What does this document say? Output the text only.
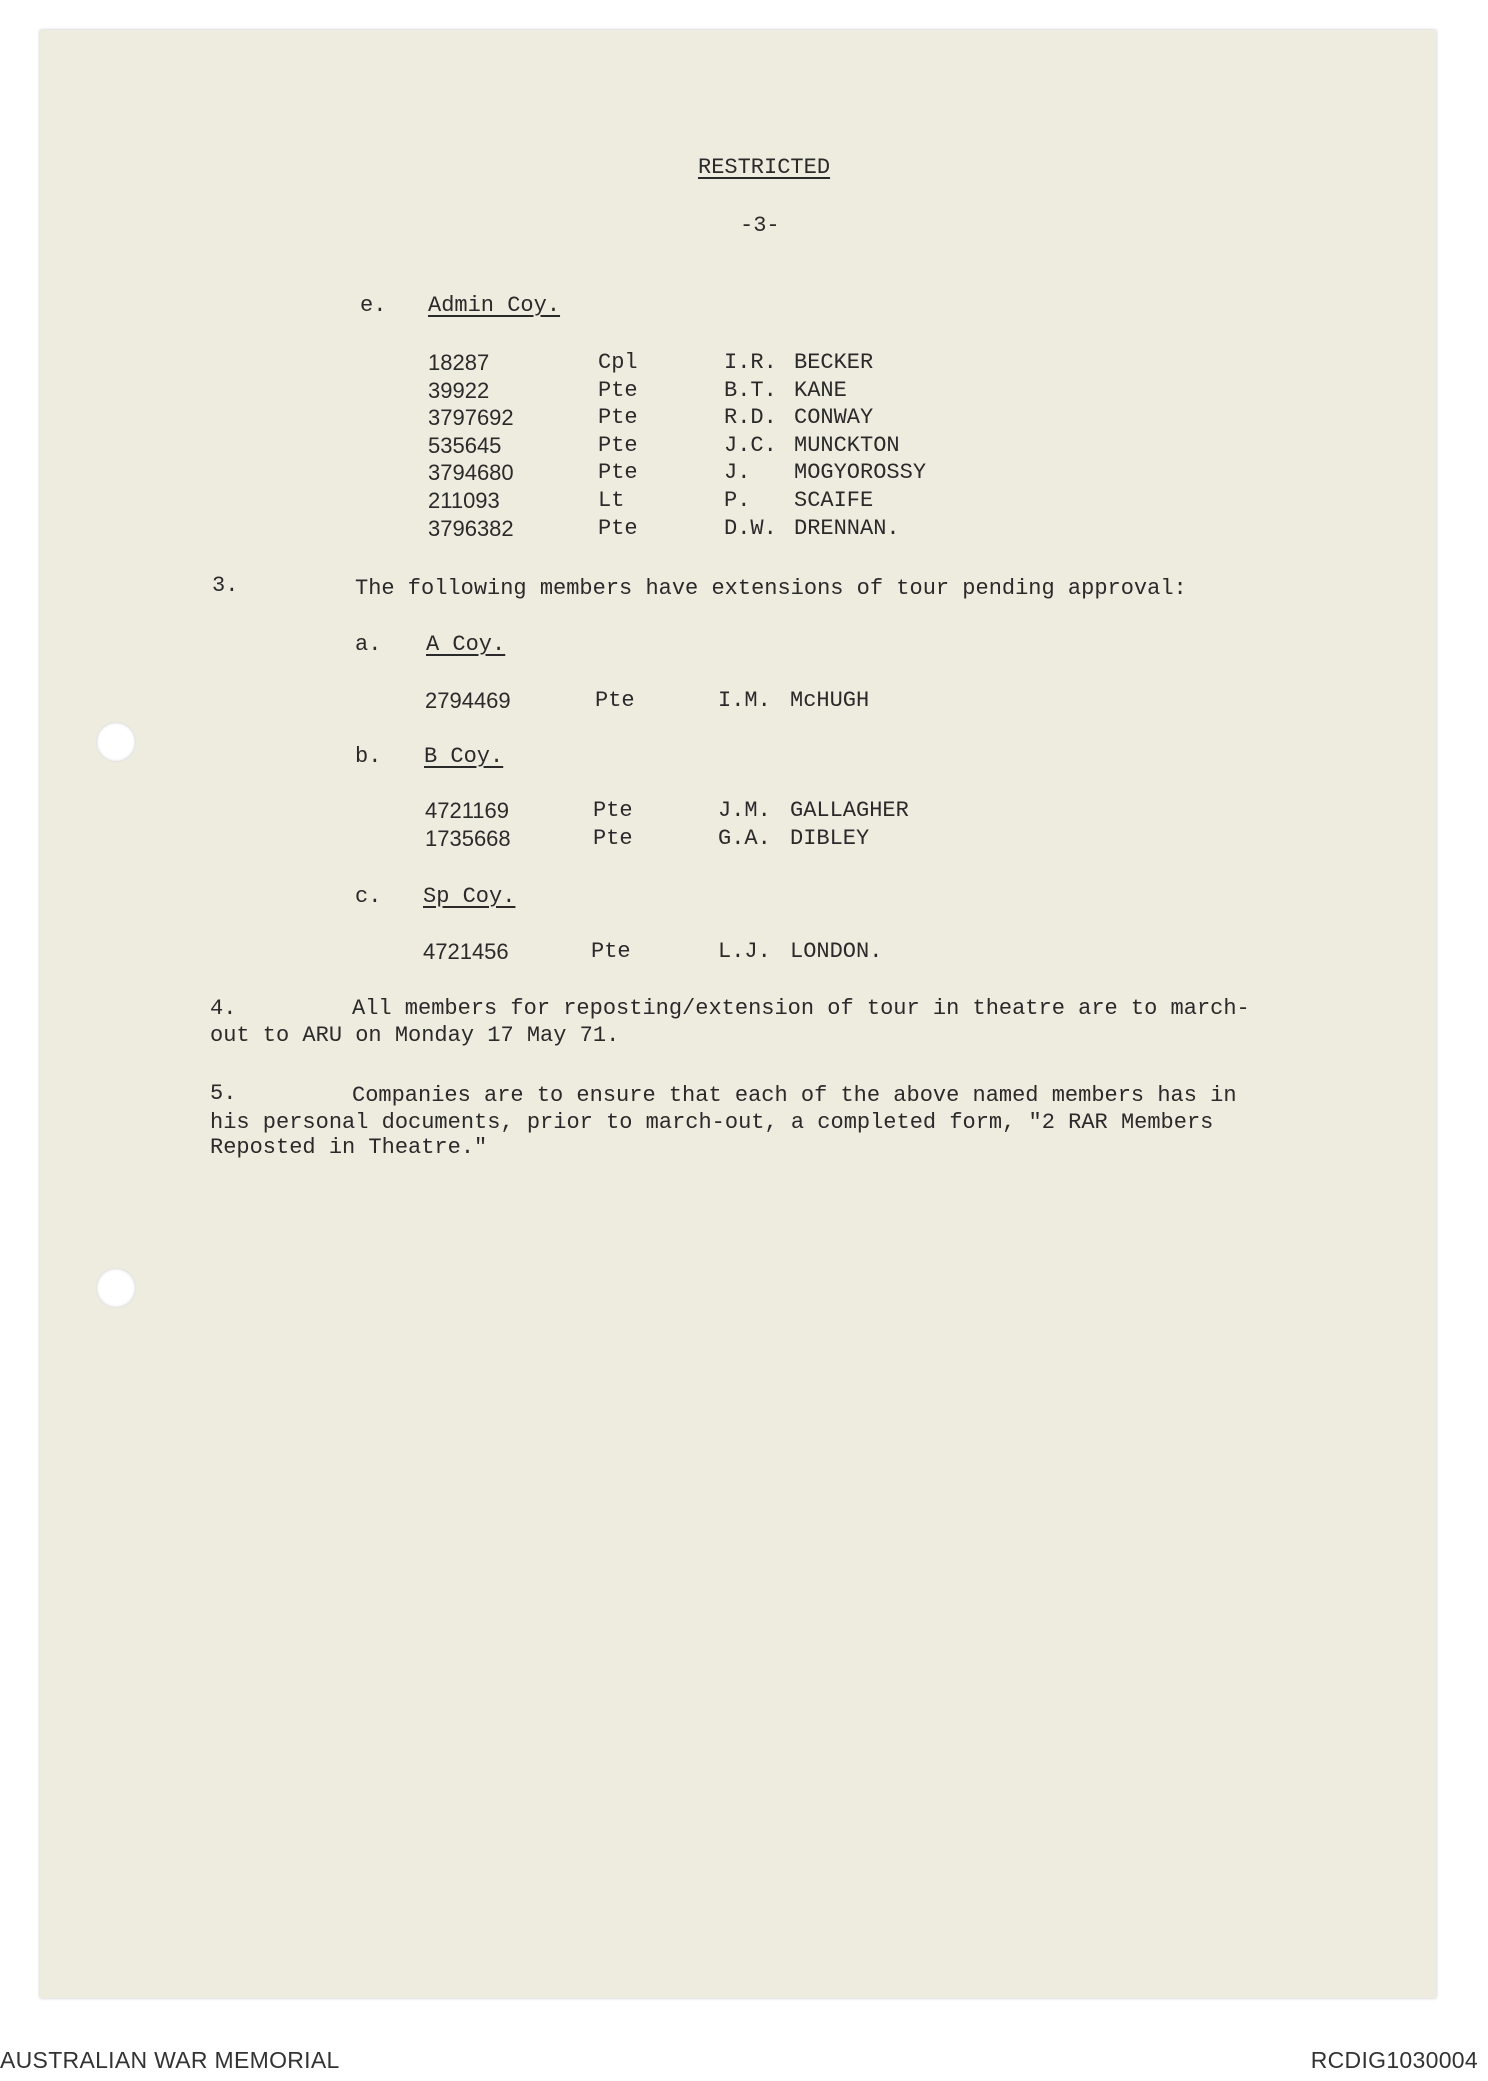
RESTRICTED
-3-
e. Admin Coy.
18287	Cpl	I.R. BECKER
39922	Pte	B.T. KANE
3797692	Pte	R.D. CONWAY
535645	Pte	J.C. MUNCKTON
3794680	Pte	J. MOGYOROSSY
211093	Lt	P. SCAIFE
3796382	Pte	D.W. DRENNAN.
3.	The following members have extensions of tour pending approval:
a. A Coy.
2794469	Pte	I.M. McHUGH
b. B Coy.
4721169	Pte	J.M. GALLAGHER
1735668	Pte	G.A. DIBLEY
c. Sp Coy.
4721456	Pte	L.J. LONDON.
4.	All members for reposting/extension of tour in theatre are to march-
out to ARU on Monday 17 May 71.
5.	Companies are to ensure that each of the above named members has in
his personal documents, prior to march-out, a completed form, "2 RAR Members
Reposted in Theatre."
AUSTRALIAN WAR MEMORIAL	RCDIG1030004
